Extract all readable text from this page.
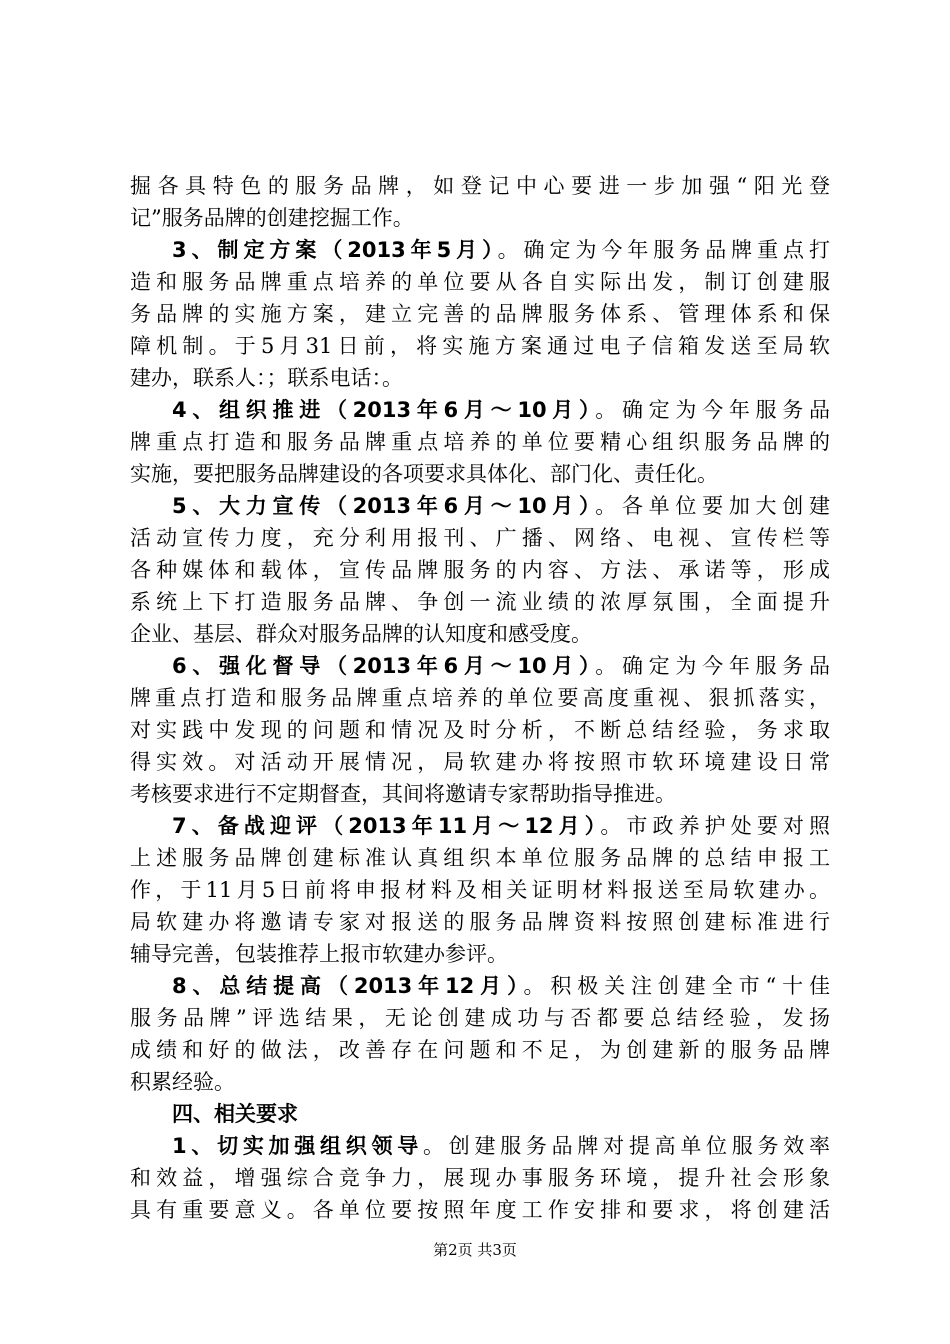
掘各具特色的服务品牌，如登记中心要进一步加强“阳光登
记”服务品牌的创建挖掘工作。
3、制定方案（2013年5月）。确定为今年服务品牌重点打
造和服务品牌重点培养的单位要从各自实际出发，制订创建服
务品牌的实施方案，建立完善的品牌服务体系、管理体系和保
障机制。于5月31日前，将实施方案通过电子信箱发送至局软
建办，联系人：；联系电话：。
4、组织推进（2013年6月～10月）。确定为今年服务品
牌重点打造和服务品牌重点培养的单位要精心组织服务品牌的
实施，要把服务品牌建设的各项要求具体化、部门化、责任化。
5、大力宣传（2013年6月～10月）。各单位要加大创建
活动宣传力度，充分利用报刊、广播、网络、电视、宣传栏等
各种媒体和载体，宣传品牌服务的内容、方法、承诺等，形成
系统上下打造服务品牌、争创一流业绩的浓厚氛围，全面提升
企业、基层、群众对服务品牌的认知度和感受度。
6、强化督导（2013年6月～10月）。确定为今年服务品
牌重点打造和服务品牌重点培养的单位要高度重视、狠抓落实，
对实践中发现的问题和情况及时分析，不断总结经验，务求取
得实效。对活动开展情况，局软建办将按照市软环境建设日常
考核要求进行不定期督查，其间将邀请专家帮助指导推进。
7、备战迎评（2013年11月～12月）。市政养护处要对照
上述服务品牌创建标准认真组织本单位服务品牌的总结申报工
作，于11月5日前将申报材料及相关证明材料报送至局软建办。
局软建办将邀请专家对报送的服务品牌资料按照创建标准进行
辅导完善，包装推荐上报市软建办参评。
8、总结提高（2013年12月）。积极关注创建全市“十佳
服务品牌”评选结果，无论创建成功与否都要总结经验，发扬
成绩和好的做法，改善存在问题和不足，为创建新的服务品牌
积累经验。
四、相关要求
1、切实加强组织领导。创建服务品牌对提高单位服务效率
和效益，增强综合竞争力，展现办事服务环境，提升社会形象
具有重要意义。各单位要按照年度工作安排和要求，将创建活
第2页 共3页
